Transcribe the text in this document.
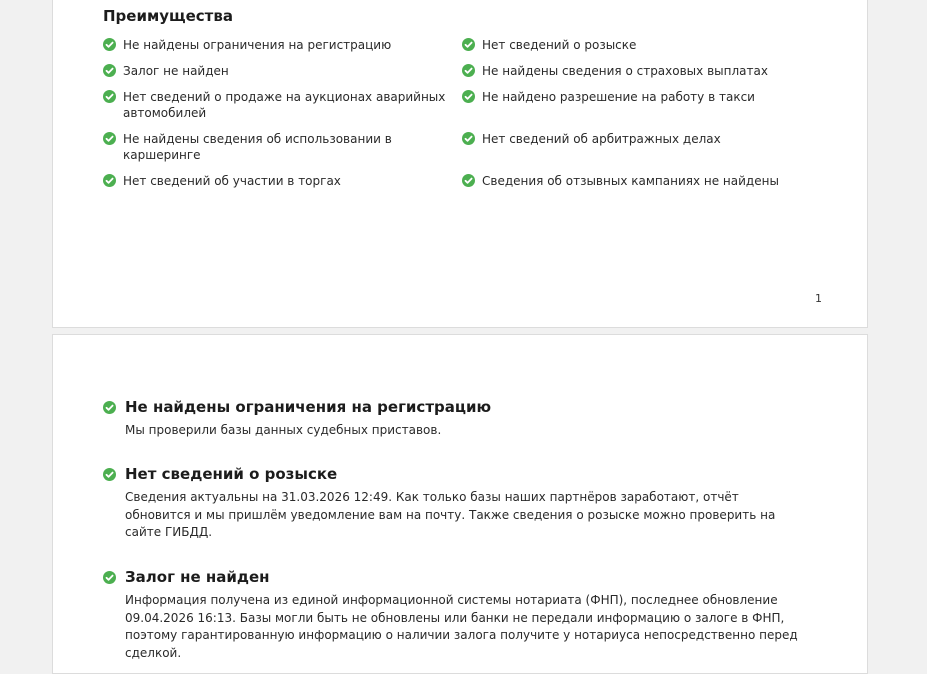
Преимущества
Не найдены ограничения на регистрацию
Залог не найден
Нет сведений о продаже на аукционах аварийных автомобилей
Не найдены сведения об использовании в каршеринге
Нет сведений об участии в торгах
Нет сведений о розыске
Не найдены сведения о страховых выплатах
Не найдено разрешение на работу в такси
Нет сведений об арбитражных делах
Сведения об отзывных кампаниях не найдены
1
Не найдены ограничения на регистрацию

Мы проверили базы данных судебных приставов.

Нет сведений о розыске

Сведения актуальны на 31.03.2026 12:49. Как только базы наших партнёров заработают, отчёт обновится и мы пришлём уведомление вам на почту. Также сведения о розыске можно проверить на сайте ГИБДД.

Залог не найден

Информация получена из единой информационной системы нотариата (ФНП), последнее обновление 09.04.2026 16:13. Базы могли быть не обновлены или банки не передали информацию о залоге в ФНП, поэтому гарантированную информацию о наличии залога получите у нотариуса непосредственно перед сделкой.
